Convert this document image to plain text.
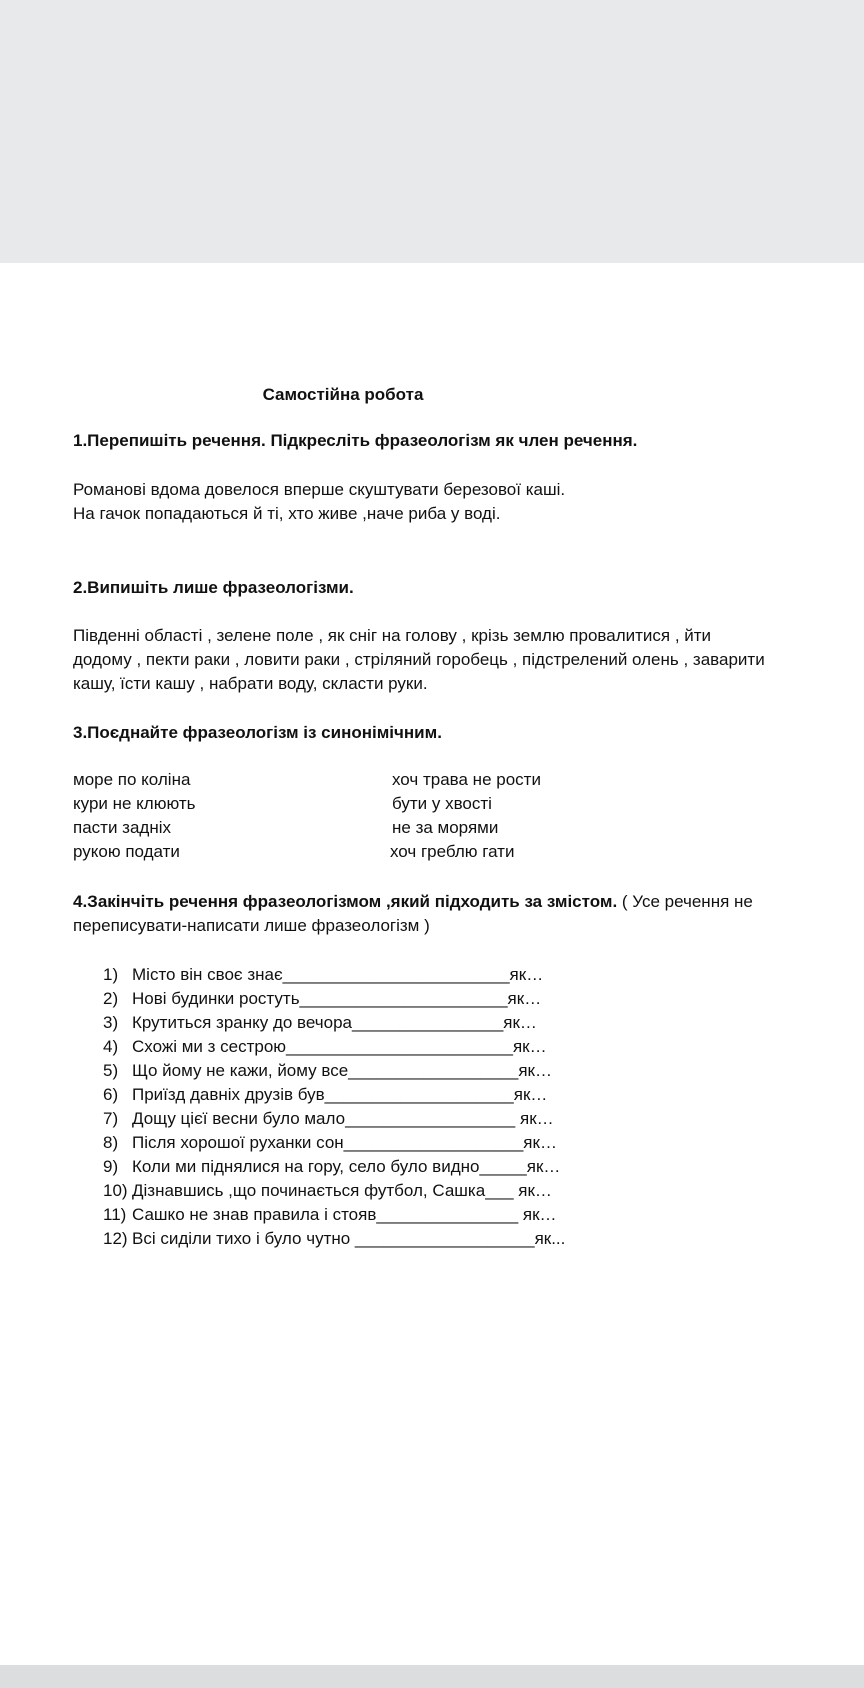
Самостійна робота
1.Перепишіть речення. Підкресліть фразеологізм як член речення.
Романові вдома довелося вперше скуштувати березової каші.
На гачок попадаються й ті, хто живе ,наче риба у воді.
2.Випишіть лише фразеологізми.
Південні області , зелене поле , як сніг на голову , крізь землю провалитися , йти
додому , пекти раки , ловити раки , стріляний горобець , підстрелений олень , заварити
кашу, їсти кашу , набрати воду, скласти руки.
3.Поєднайте фразеологізм із синонімічним.
море по коліна	хоч трава не рости
кури не клюють	бути у хвості
пасти задніх	не за морями
рукою подати	хоч греблю гати
4.Закінчіть речення фразеологізмом ,який підходить за змістом. ( Усе речення не
переписувати-написати лише фразеологізм )
1) Місто він своє знає________________________як…
2) Нові будинки ростуть______________________як…
3) Крутиться зранку до вечора________________як…
4) Схожі ми з сестрою________________________як…
5) Що йому не кажи, йому все__________________як…
6) Приїзд давніх друзів був____________________як…
7) Дощу цієї весни було мало__________________ як…
8) Після хорошої руханки сон___________________як…
9) Коли ми піднялися на гору, село було видно_____як…
10) Дізнавшись ,що починається футбол, Сашка___ як…
11) Сашко не знав правила і стояв_______________ як…
12) Всі сиділи тихо і було чутно ___________________як...
